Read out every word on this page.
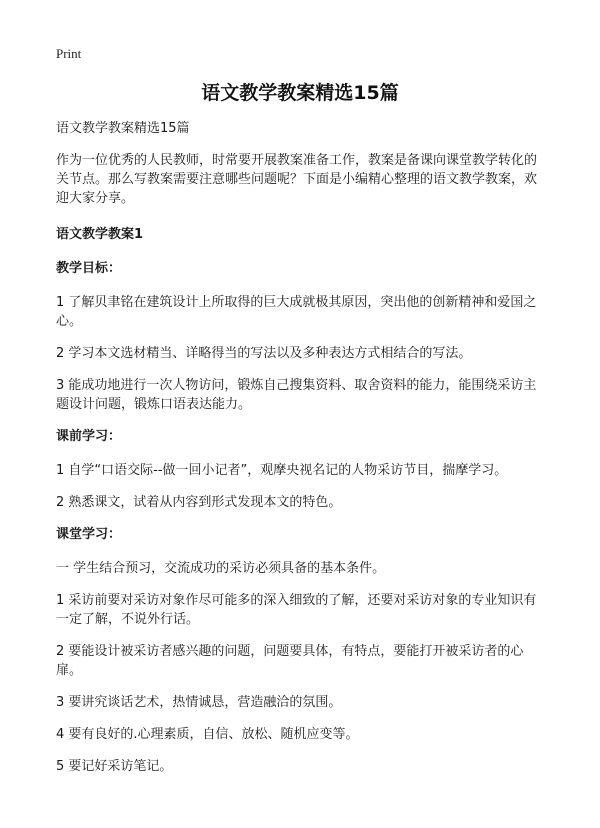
Print
语文教学教案精选15篇
语文教学教案精选15篇
作为一位优秀的人民教师，时常要开展教案准备工作，教案是备课向课堂教学转化的关节点。那么写教案需要注意哪些问题呢？下面是小编精心整理的语文教学教案，欢迎大家分享。
语文教学教案1
教学目标：
1 了解贝聿铭在建筑设计上所取得的巨大成就极其原因，突出他的创新精神和爱国之心。
2 学习本文选材精当、详略得当的写法以及多种表达方式相结合的写法。
3 能成功地进行一次人物访问，锻炼自己搜集资料、取舍资料的能力，能围绕采访主题设计问题，锻炼口语表达能力。
课前学习：
1 自学“口语交际--做一回小记者”，观摩央视名记的人物采访节目，揣摩学习。
2 熟悉课文，试着从内容到形式发现本文的特色。
课堂学习：
一 学生结合预习，交流成功的采访必须具备的基本条件。
1 采访前要对采访对象作尽可能多的深入细致的了解，还要对采访对象的专业知识有一定了解，不说外行话。
2 要能设计被采访者感兴趣的问题，问题要具体，有特点，要能打开被采访者的心扉。
3 要讲究谈话艺术，热情诚恳，营造融洽的氛围。
4 要有良好的.心理素质，自信、放松、随机应变等。
5 要记好采访笔记。
